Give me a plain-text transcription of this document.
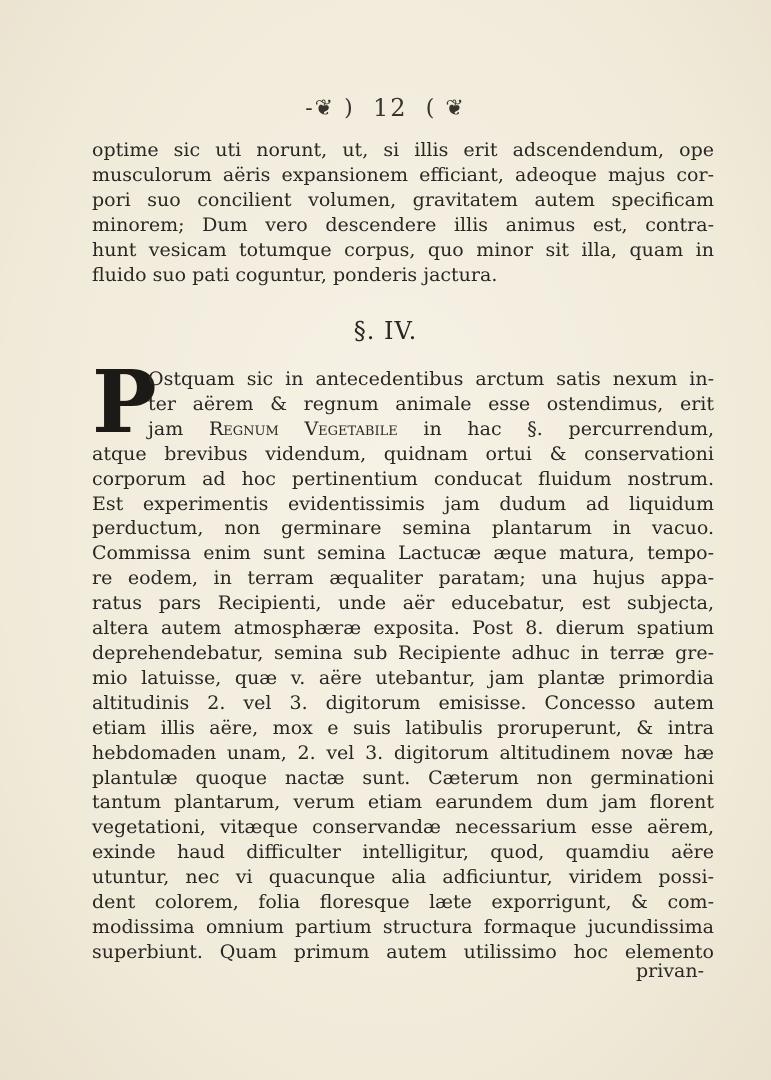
-❦ ) 12 ( ❦
optime sic uti norunt, ut, si illis erit adscendendum, ope
musculorum aëris expansionem efficiant, adeoque majus cor-
pori suo concilient volumen, gravitatem autem specificam
minorem; Dum vero descendere illis animus est, contra-
hunt vesicam totumque corpus, quo minor sit illa, quam in
fluido suo pati coguntur, ponderis jactura.
§. IV.
P
Ostquam sic in antecedentibus arctum satis nexum in-
ter aërem & regnum animale esse ostendimus, erit
jam Regnum Vegetabile in hac §. percurrendum,
atque brevibus videndum, quidnam ortui & conservationi
corporum ad hoc pertinentium conducat fluidum nostrum.
Est experimentis evidentissimis jam dudum ad liquidum
perductum, non germinare semina plantarum in vacuo.
Commissa enim sunt semina Lactucæ æque matura, tempo-
re eodem, in terram æqualiter paratam; una hujus appa-
ratus pars Recipienti, unde aër educebatur, est subjecta,
altera autem atmosphæræ exposita. Post 8. dierum spatium
deprehendebatur, semina sub Recipiente adhuc in terræ gre-
mio latuisse, quæ v. aëre utebantur, jam plantæ primordia
altitudinis 2. vel 3. digitorum emisisse. Concesso autem
etiam illis aëre, mox e suis latibulis proruperunt, & intra
hebdomaden unam, 2. vel 3. digitorum altitudinem novæ hæ
plantulæ quoque nactæ sunt. Cæterum non germinationi
tantum plantarum, verum etiam earundem dum jam florent
vegetationi, vitæque conservandæ necessarium esse aërem,
exinde haud difficulter intelligitur, quod, quamdiu aëre
utuntur, nec vi quacunque alia adficiuntur, viridem possi-
dent colorem, folia floresque læte exporrigunt, & com-
modissima omnium partium structura formaque jucundissima
superbiunt. Quam primum autem utilissimo hoc elemento
privan-
